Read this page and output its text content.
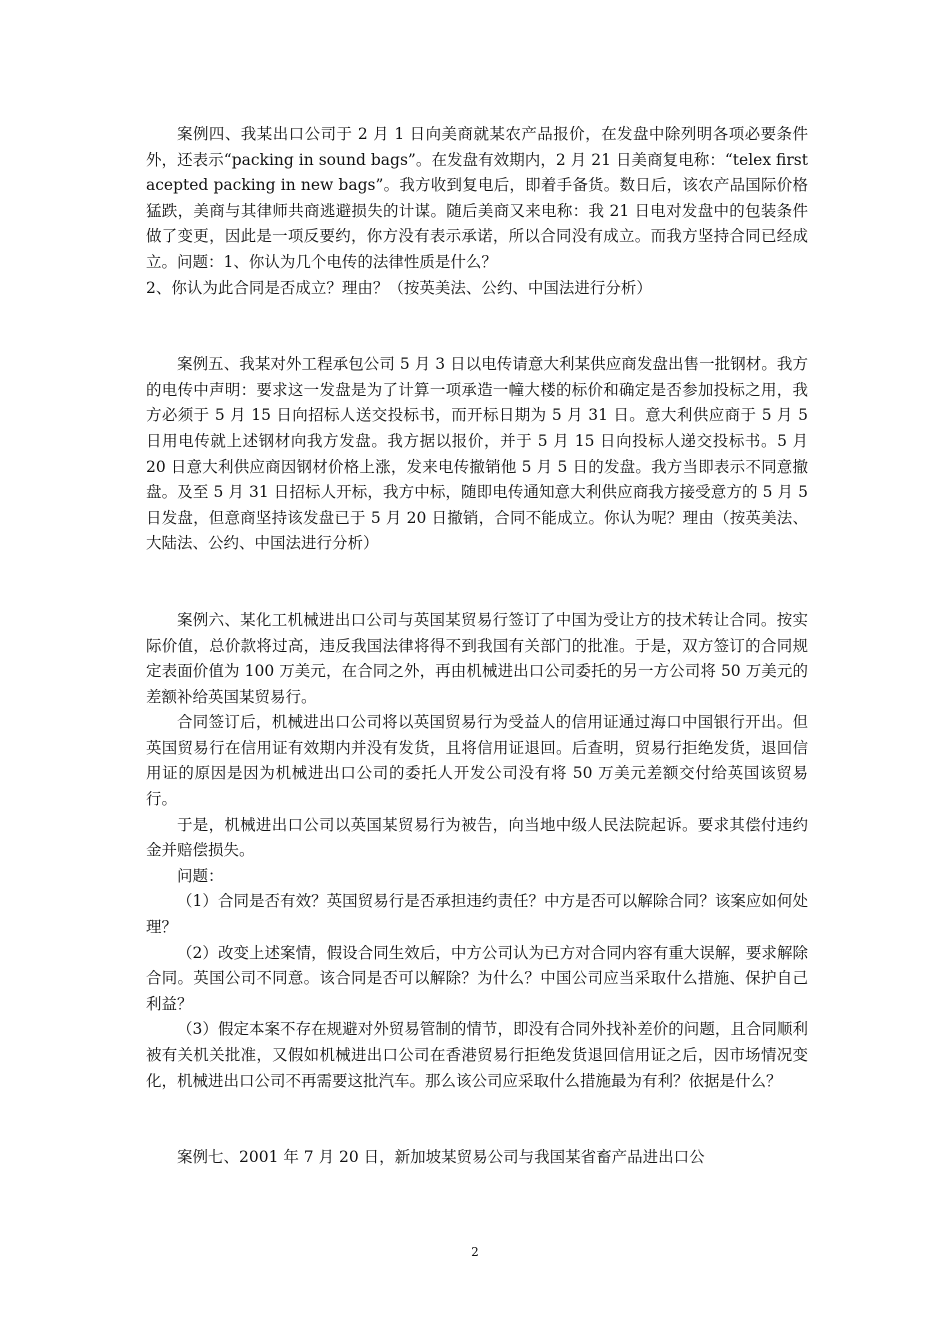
案例四、我某出口公司于 2 月 1 日向美商就某农产品报价，在发盘中除列明各项必要条件外，还表示“packing in sound bags”。在发盘有效期内，2 月 21 日美商复电称：“telex first acepted packing in new bags”。我方收到复电后，即着手备货。数日后，该农产品国际价格猛跌，美商与其律师共商逃避损失的计谋。随后美商又来电称：我 21 日电对发盘中的包装条件做了变更，因此是一项反要约，你方没有表示承诺，所以合同没有成立。而我方坚持合同已经成立。问题：1、你认为几个电传的法律性质是什么？

2、你认为此合同是否成立？理由？（按英美法、公约、中国法进行分析）

案例五、我某对外工程承包公司 5 月 3 日以电传请意大利某供应商发盘出售一批钢材。我方的电传中声明：要求这一发盘是为了计算一项承造一幢大楼的标价和确定是否参加投标之用，我方必须于 5 月 15 日向招标人送交投标书，而开标日期为 5 月 31 日。意大利供应商于 5 月 5 日用电传就上述钢材向我方发盘。我方据以报价，并于 5 月 15 日向投标人递交投标书。5 月 20 日意大利供应商因钢材价格上涨，发来电传撤销他 5 月 5 日的发盘。我方当即表示不同意撤盘。及至 5 月 31 日招标人开标，我方中标，随即电传通知意大利供应商我方接受意方的 5 月 5 日发盘，但意商坚持该发盘已于 5 月 20 日撤销，合同不能成立。你认为呢？理由（按英美法、大陆法、公约、中国法进行分析）

案例六、某化工机械进出口公司与英国某贸易行签订了中国为受让方的技术转让合同。按实际价值，总价款将过高，违反我国法律将得不到我国有关部门的批准。于是，双方签订的合同规定表面价值为 100 万美元，在合同之外，再由机械进出口公司委托的另一方公司将 50 万美元的差额补给英国某贸易行。

合同签订后，机械进出口公司将以英国贸易行为受益人的信用证通过海口中国银行开出。但英国贸易行在信用证有效期内并没有发货，且将信用证退回。后查明，贸易行拒绝发货，退回信用证的原因是因为机械进出口公司的委托人开发公司没有将 50 万美元差额交付给英国该贸易行。

于是，机械进出口公司以英国某贸易行为被告，向当地中级人民法院起诉。要求其偿付违约金并赔偿损失。

问题：

（1）合同是否有效？英国贸易行是否承担违约责任？中方是否可以解除合同？该案应如何处理？

（2）改变上述案情，假设合同生效后，中方公司认为已方对合同内容有重大误解，要求解除合同。英国公司不同意。该合同是否可以解除？为什么？中国公司应当采取什么措施、保护自己利益？

（3）假定本案不存在规避对外贸易管制的情节，即没有合同外找补差价的问题，且合同顺利被有关机关批准，又假如机械进出口公司在香港贸易行拒绝发货退回信用证之后，因市场情况变化，机械进出口公司不再需要这批汽车。那么该公司应采取什么措施最为有利？依据是什么？

案例七、2001 年 7 月 20 日，新加坡某贸易公司与我国某省畜产品进出口公

2
